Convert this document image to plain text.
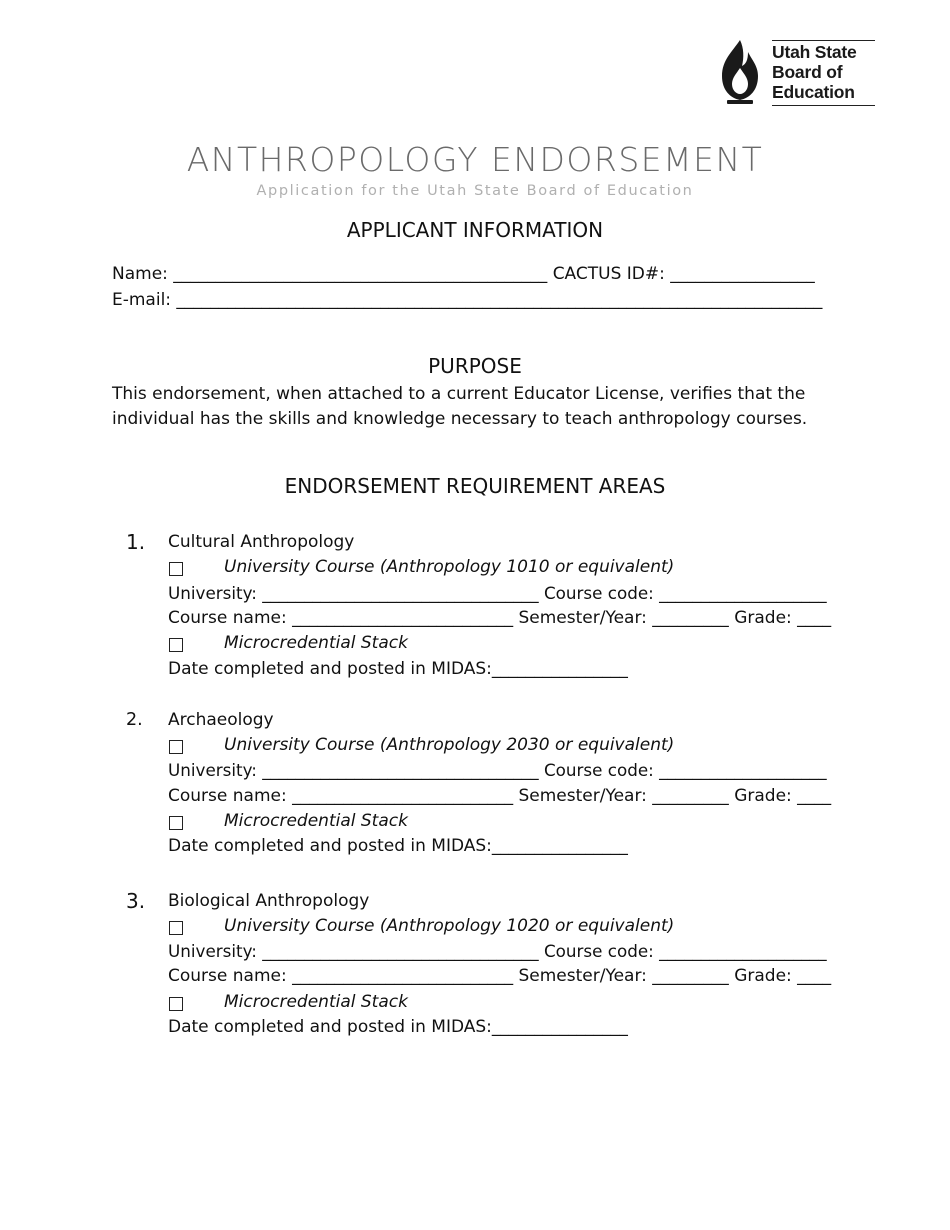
Utah State
Board of
Education
ANTHROPOLOGY ENDORSEMENT
Application for the Utah State Board of Education
APPLICANT INFORMATION
Name: ____________________________________________ CACTUS ID#: _________________
E-mail: ____________________________________________________________________________
PURPOSE
This endorsement, when attached to a current Educator License, verifies that the
individual has the skills and knowledge necessary to teach anthropology courses.
ENDORSEMENT REQUIREMENT AREAS
1. Cultural Anthropology
University Course (Anthropology 1010 or equivalent)
University: _________________________________ Course code: ____________________
Course name: __________________________ Semester/Year: _________ Grade: ____
Microcredential Stack
Date completed and posted in MIDAS:________________
2. Archaeology
University Course (Anthropology 2030 or equivalent)
University: _________________________________ Course code: ____________________
Course name: __________________________ Semester/Year: _________ Grade: ____
Microcredential Stack
Date completed and posted in MIDAS:________________
3. Biological Anthropology
University Course (Anthropology 1020 or equivalent)
University: _________________________________ Course code: ____________________
Course name: __________________________ Semester/Year: _________ Grade: ____
Microcredential Stack
Date completed and posted in MIDAS:________________
